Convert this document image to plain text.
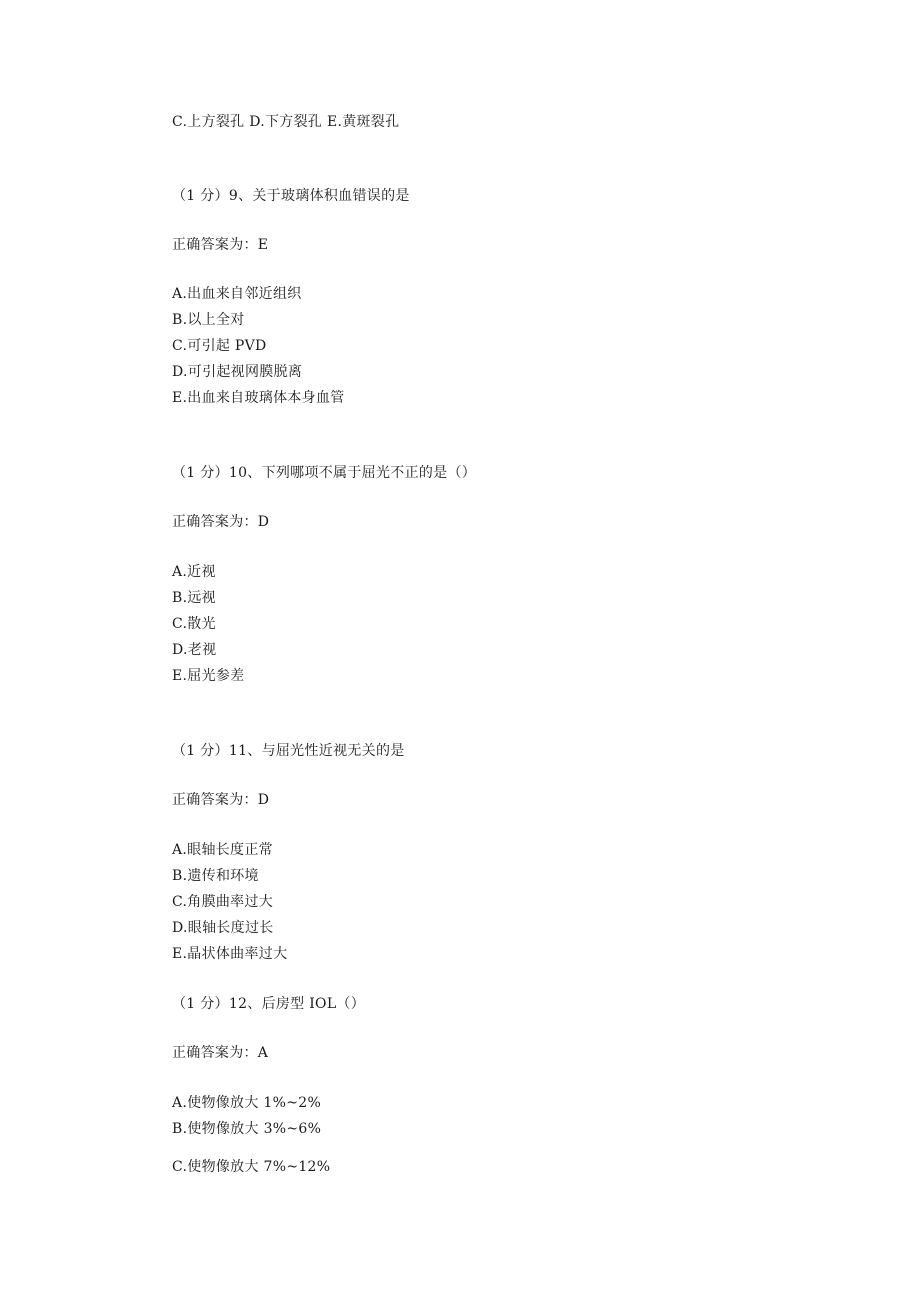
C.上方裂孔 D.下方裂孔 E.黄斑裂孔
（1 分）9、关于玻璃体积血错误的是
正确答案为：E
A.出血来自邻近组织
B.以上全对
C.可引起 PVD
D.可引起视网膜脱离
E.出血来自玻璃体本身血管
（1 分）10、下列哪项不属于屈光不正的是（）
正确答案为：D
A.近视
B.远视
C.散光
D.老视
E.屈光参差
（1 分）11、与屈光性近视无关的是
正确答案为：D
A.眼轴长度正常
B.遗传和环境
C.角膜曲率过大
D.眼轴长度过长
E.晶状体曲率过大
（1 分）12、后房型 IOL（）
正确答案为：A
A.使物像放大 1%~2%
B.使物像放大 3%~6%
C.使物像放大 7%~12%
